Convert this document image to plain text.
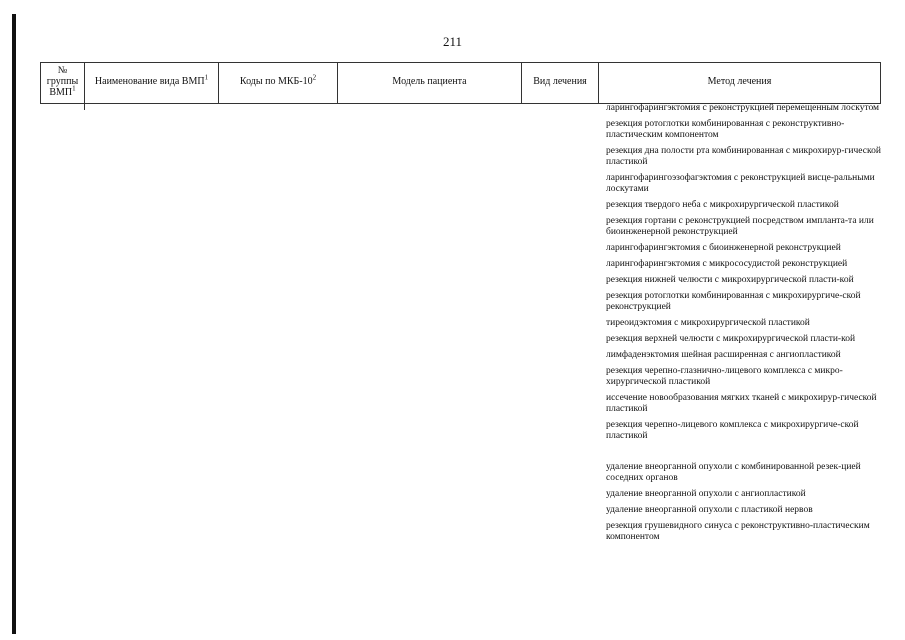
211
№
группы
ВМП$^1$
Наименование вида ВМП$^1$	Коды по МКБ-$10^2$	Модель пациента	Вид лечения	Метод лечения
ларингофарингэктомия с реконструкцией перемещенным лоскутом
резекция ротоглотки комбинированная с реконструктивно-пластическим компонентом
резекция дна полости рта комбинированная с микрохирур-гической пластикой
ларингофарингоэзофагэктомия с реконструкцией висце-ральными лоскутами
резекция твердого неба с микрохирургической пластикой
резекция гортани с реконструкцией посредством импланта-та или биоинженерной реконструкцией
ларингофарингэктомия с биоинженерной реконструкцией
ларингофарингэктомия с микрососудистой реконструкцией
резекция нижней челюсти с микрохирургической пласти-кой
резекция ротоглотки комбинированная с микрохирургиче-ской реконструкцией
тиреоидэктомия с микрохирургической пластикой
резекция верхней челюсти с микрохирургической пласти-кой
лимфаденэктомия шейная расширенная с ангиопластикой
резекция черепно-глазнично-лицевого комплекса с микро-хирургической пластикой
иссечение новообразования мягких тканей с микрохирур-гической пластикой
резекция черепно-лицевого комплекса с микрохирургиче-ской пластикой
удаление внеорганной опухоли с комбинированной резек-цией соседних органов
удаление внеорганной опухоли с ангиопластикой
удаление внеорганной опухоли с пластикой нервов
резекция грушевидного синуса с реконструктивно-пластическим компонентом
